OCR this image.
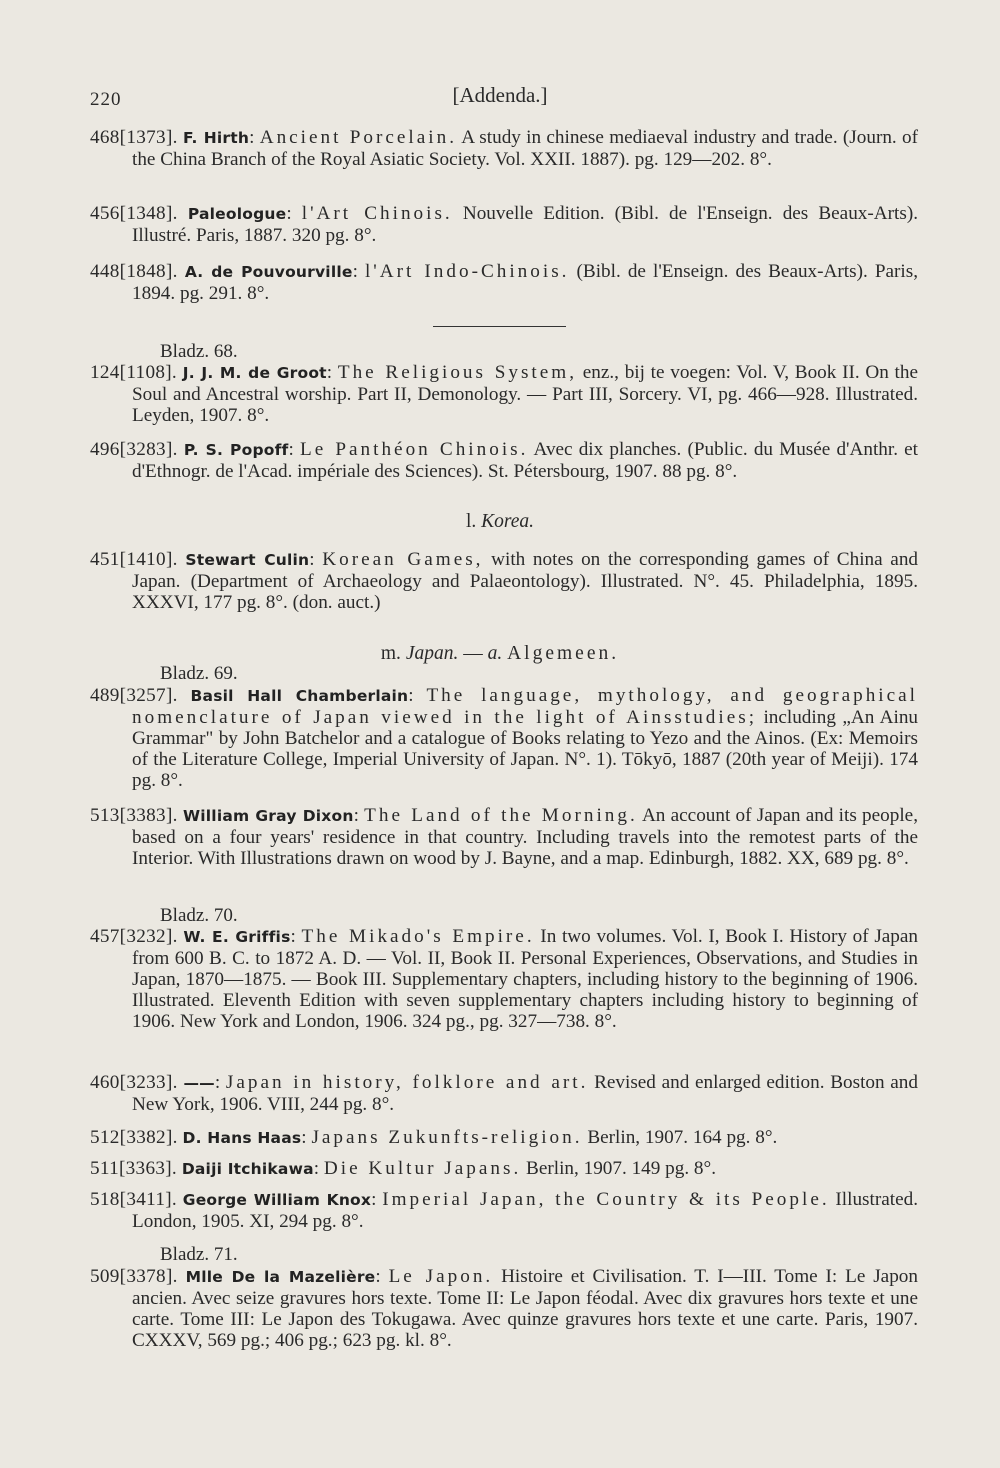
220	[Addenda.]
468[1373]. F. Hirth: Ancient Porcelain. A study in chinese mediaeval industry and trade. (Journ. of the China Branch of the Royal Asiatic Society. Vol. XXII. 1887). pg. 129—202. 8°.
456[1348]. Paleologue: l'Art Chinois. Nouvelle Edition. (Bibl. de l'Enseign. des Beaux-Arts). Illustré. Paris, 1887. 320 pg. 8°.
448[1848]. A. de Pouvourville: l'Art Indo-Chinois. (Bibl. de l'Enseign. des Beaux-Arts). Paris, 1894. pg. 291. 8°.
Bladz. 68.
124[1108]. J. J. M. de Groot: The Religious System, enz., bij te voegen: Vol. V, Book II. On the Soul and Ancestral worship. Part II, Demonology. — Part III, Sorcery. VI, pg. 466—928. Illustrated. Leyden, 1907. 8°.
496[3283]. P. S. Popoff: Le Panthéon Chinois. Avec dix planches. (Public. du Musée d'Anthr. et d'Ethnogr. de l'Acad. impériale des Sciences). St. Pétersbourg, 1907. 88 pg. 8°.
l. Korea.
451[1410]. Stewart Culin: Korean Games, with notes on the corresponding games of China and Japan. (Department of Archaeology and Palaeontology). Illustrated. N°. 45. Philadelphia, 1895. XXXVI, 177 pg. 8°. (don. auct.)
m. Japan. — a. Algemeen.
Bladz. 69.
489[3257]. Basil Hall Chamberlain: The language, mythology, and geographical nomenclature of Japan viewed in the light of Ainsstudies; including „An Ainu Grammar" by John Batchelor and a catalogue of Books relating to Yezo and the Ainos. (Ex: Memoirs of the Literature College, Imperial University of Japan. N°. 1). Tōkyō, 1887 (20th year of Meiji). 174 pg. 8°.
513[3383]. William Gray Dixon: The Land of the Morning. An account of Japan and its people, based on a four years' residence in that country. Including travels into the remotest parts of the Interior. With Illustrations drawn on wood by J. Bayne, and a map. Edinburgh, 1882. XX, 689 pg. 8°.
Bladz. 70.
457[3232]. W. E. Griffis: The Mikado's Empire. In two volumes. Vol. I, Book I. History of Japan from 600 B. C. to 1872 A. D. — Vol. II, Book II. Personal Experiences, Observations, and Studies in Japan, 1870—1875. — Book III. Supplementary chapters, including history to the beginning of 1906. Illustrated. Eleventh Edition with seven supplementary chapters including history to beginning of 1906. New York and London, 1906. 324 pg., pg. 327—738. 8°.
460[3233]. ——: Japan in history, folklore and art. Revised and enlarged edition. Boston and New York, 1906. VIII, 244 pg. 8°.
512[3382]. D. Hans Haas: Japans Zukunfts-religion. Berlin, 1907. 164 pg. 8°.
511[3363]. Daiji Itchikawa: Die Kultur Japans. Berlin, 1907. 149 pg. 8°.
518[3411]. George William Knox: Imperial Japan, the Country & its People. Illustrated. London, 1905. XI, 294 pg. 8°.
Bladz. 71.
509[3378]. Mlle De la Mazelière: Le Japon. Histoire et Civilisation. T. I—III. Tome I: Le Japon ancien. Avec seize gravures hors texte. Tome II: Le Japon féodal. Avec dix gravures hors texte et une carte. Tome III: Le Japon des Tokugawa. Avec quinze gravures hors texte et une carte. Paris, 1907. CXXXV, 569 pg.; 406 pg.; 623 pg. kl. 8°.
